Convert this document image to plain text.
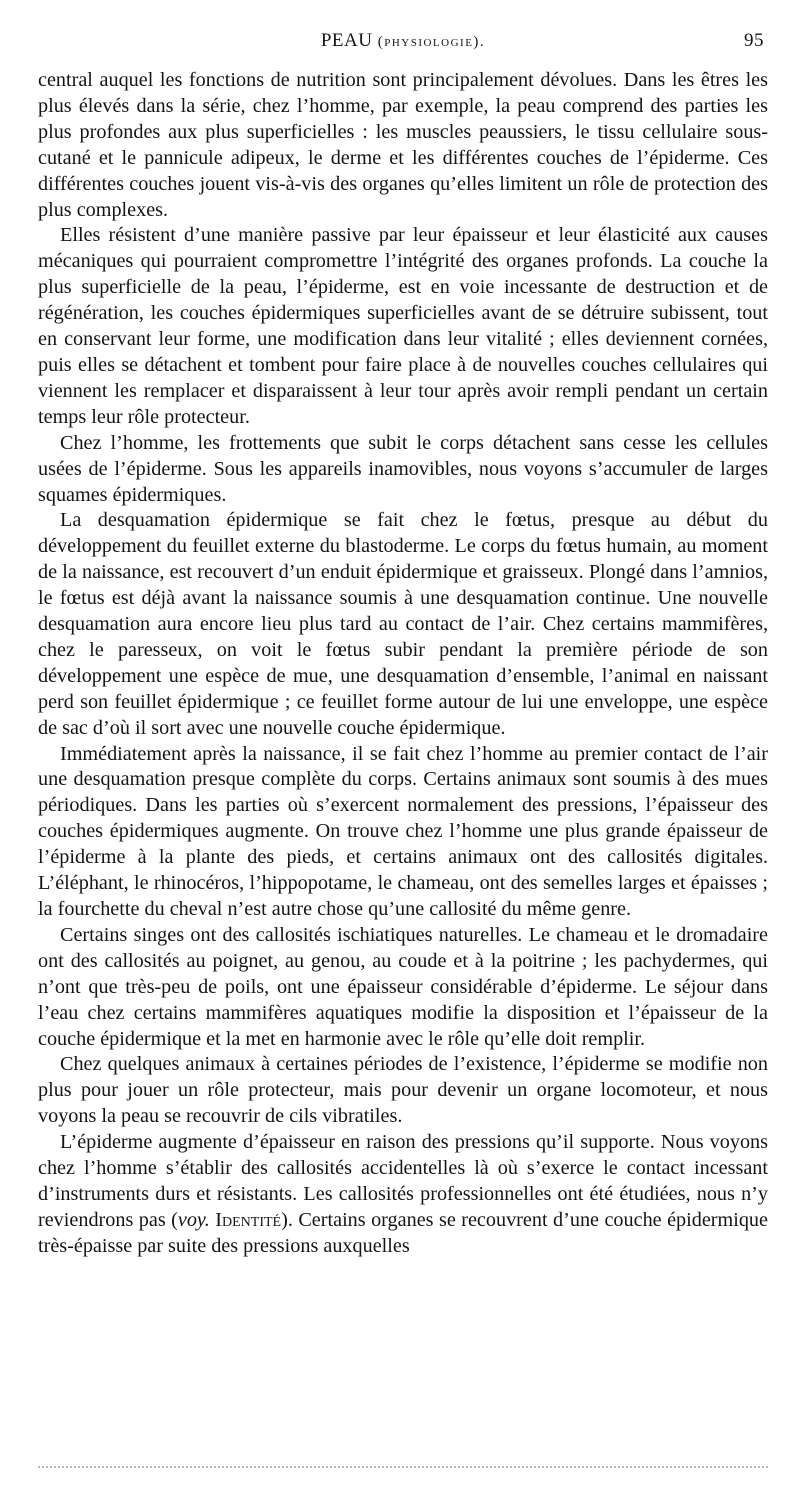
PEAU (physiologie).	95

central auquel les fonctions de nutrition sont principalement dévolues. Dans les êtres les plus élevés dans la série, chez l’homme, par exemple, la peau comprend des parties les plus profondes aux plus superficielles : les muscles peaussiers, le tissu cellulaire sous-cutané et le pannicule adipeux, le derme et les différentes couches de l’épiderme. Ces différentes couches jouent vis-à-vis des organes qu’elles limitent un rôle de protection des plus complexes.

Elles résistent d’une manière passive par leur épaisseur et leur élasticité aux causes mécaniques qui pourraient compromettre l’intégrité des organes profonds. La couche la plus superficielle de la peau, l’épiderme, est en voie incessante de destruction et de régénération, les couches épidermiques superficielles avant de se détruire subissent, tout en conservant leur forme, une modification dans leur vitalité ; elles deviennent cornées, puis elles se détachent et tombent pour faire place à de nouvelles couches cellulaires qui viennent les remplacer et disparaissent à leur tour après avoir rempli pendant un certain temps leur rôle protecteur.

Chez l’homme, les frottements que subit le corps détachent sans cesse les cellules usées de l’épiderme. Sous les appareils inamovibles, nous voyons s’accumuler de larges squames épidermiques.

La desquamation épidermique se fait chez le fœtus, presque au début du développement du feuillet externe du blastoderme. Le corps du fœtus humain, au moment de la naissance, est recouvert d’un enduit épidermique et graisseux. Plongé dans l’amnios, le fœtus est déjà avant la naissance soumis à une desquamation continue. Une nouvelle desquamation aura encore lieu plus tard au contact de l’air. Chez certains mammifères, chez le paresseux, on voit le fœtus subir pendant la première période de son développement une espèce de mue, une desquamation d’ensemble, l’animal en naissant perd son feuillet épidermique ; ce feuillet forme autour de lui une enveloppe, une espèce de sac d’où il sort avec une nouvelle couche épidermique.

Immédiatement après la naissance, il se fait chez l’homme au premier contact de l’air une desquamation presque complète du corps. Certains animaux sont soumis à des mues périodiques. Dans les parties où s’exercent normalement des pressions, l’épaisseur des couches épidermiques augmente. On trouve chez l’homme une plus grande épaisseur de l’épiderme à la plante des pieds, et certains animaux ont des callosités digitales. L’éléphant, le rhinocéros, l’hippopotame, le chameau, ont des semelles larges et épaisses ; la fourchette du cheval n’est autre chose qu’une callosité du même genre.

Certains singes ont des callosités ischiatiques naturelles. Le chameau et le dromadaire ont des callosités au poignet, au genou, au coude et à la poitrine ; les pachydermes, qui n’ont que très-peu de poils, ont une épaisseur considérable d’épiderme. Le séjour dans l’eau chez certains mammifères aquatiques modifie la disposition et l’épaisseur de la couche épidermique et la met en harmonie avec le rôle qu’elle doit remplir.

Chez quelques animaux à certaines périodes de l’existence, l’épiderme se modifie non plus pour jouer un rôle protecteur, mais pour devenir un organe locomoteur, et nous voyons la peau se recouvrir de cils vibratiles.

L’épiderme augmente d’épaisseur en raison des pressions qu’il supporte. Nous voyons chez l’homme s’établir des callosités accidentelles là où s’exerce le contact incessant d’instruments durs et résistants. Les callosités professionnelles ont été étudiées, nous n’y reviendrons pas (voy. Identité). Certains organes se recouvrent d’une couche épidermique très-épaisse par suite des pressions auxquelles
